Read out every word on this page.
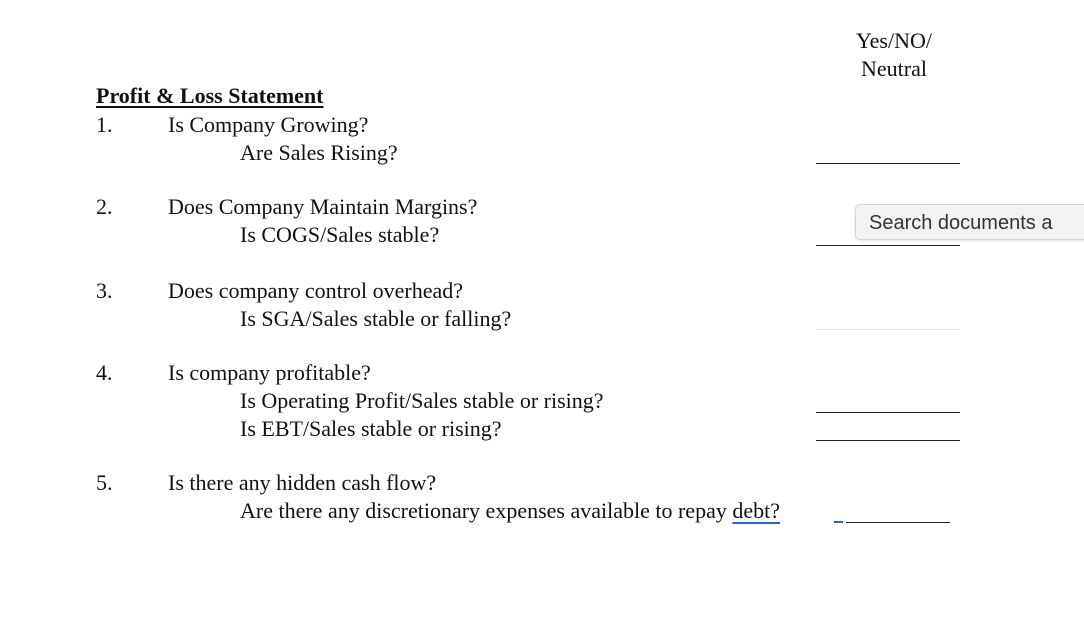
Yes/NO/
Neutral
Profit & Loss Statement
1.	Is Company Growing?
Are Sales Rising?
2.	Does Company Maintain Margins?
Is COGS/Sales stable?
3.	Does company control overhead?
Is SGA/Sales stable or falling?
4.	Is company profitable?
Is Operating Profit/Sales stable or rising?
Is EBT/Sales stable or rising?
5.	Is there any hidden cash flow?
Are there any discretionary expenses available to repay debt?
Search documents a
